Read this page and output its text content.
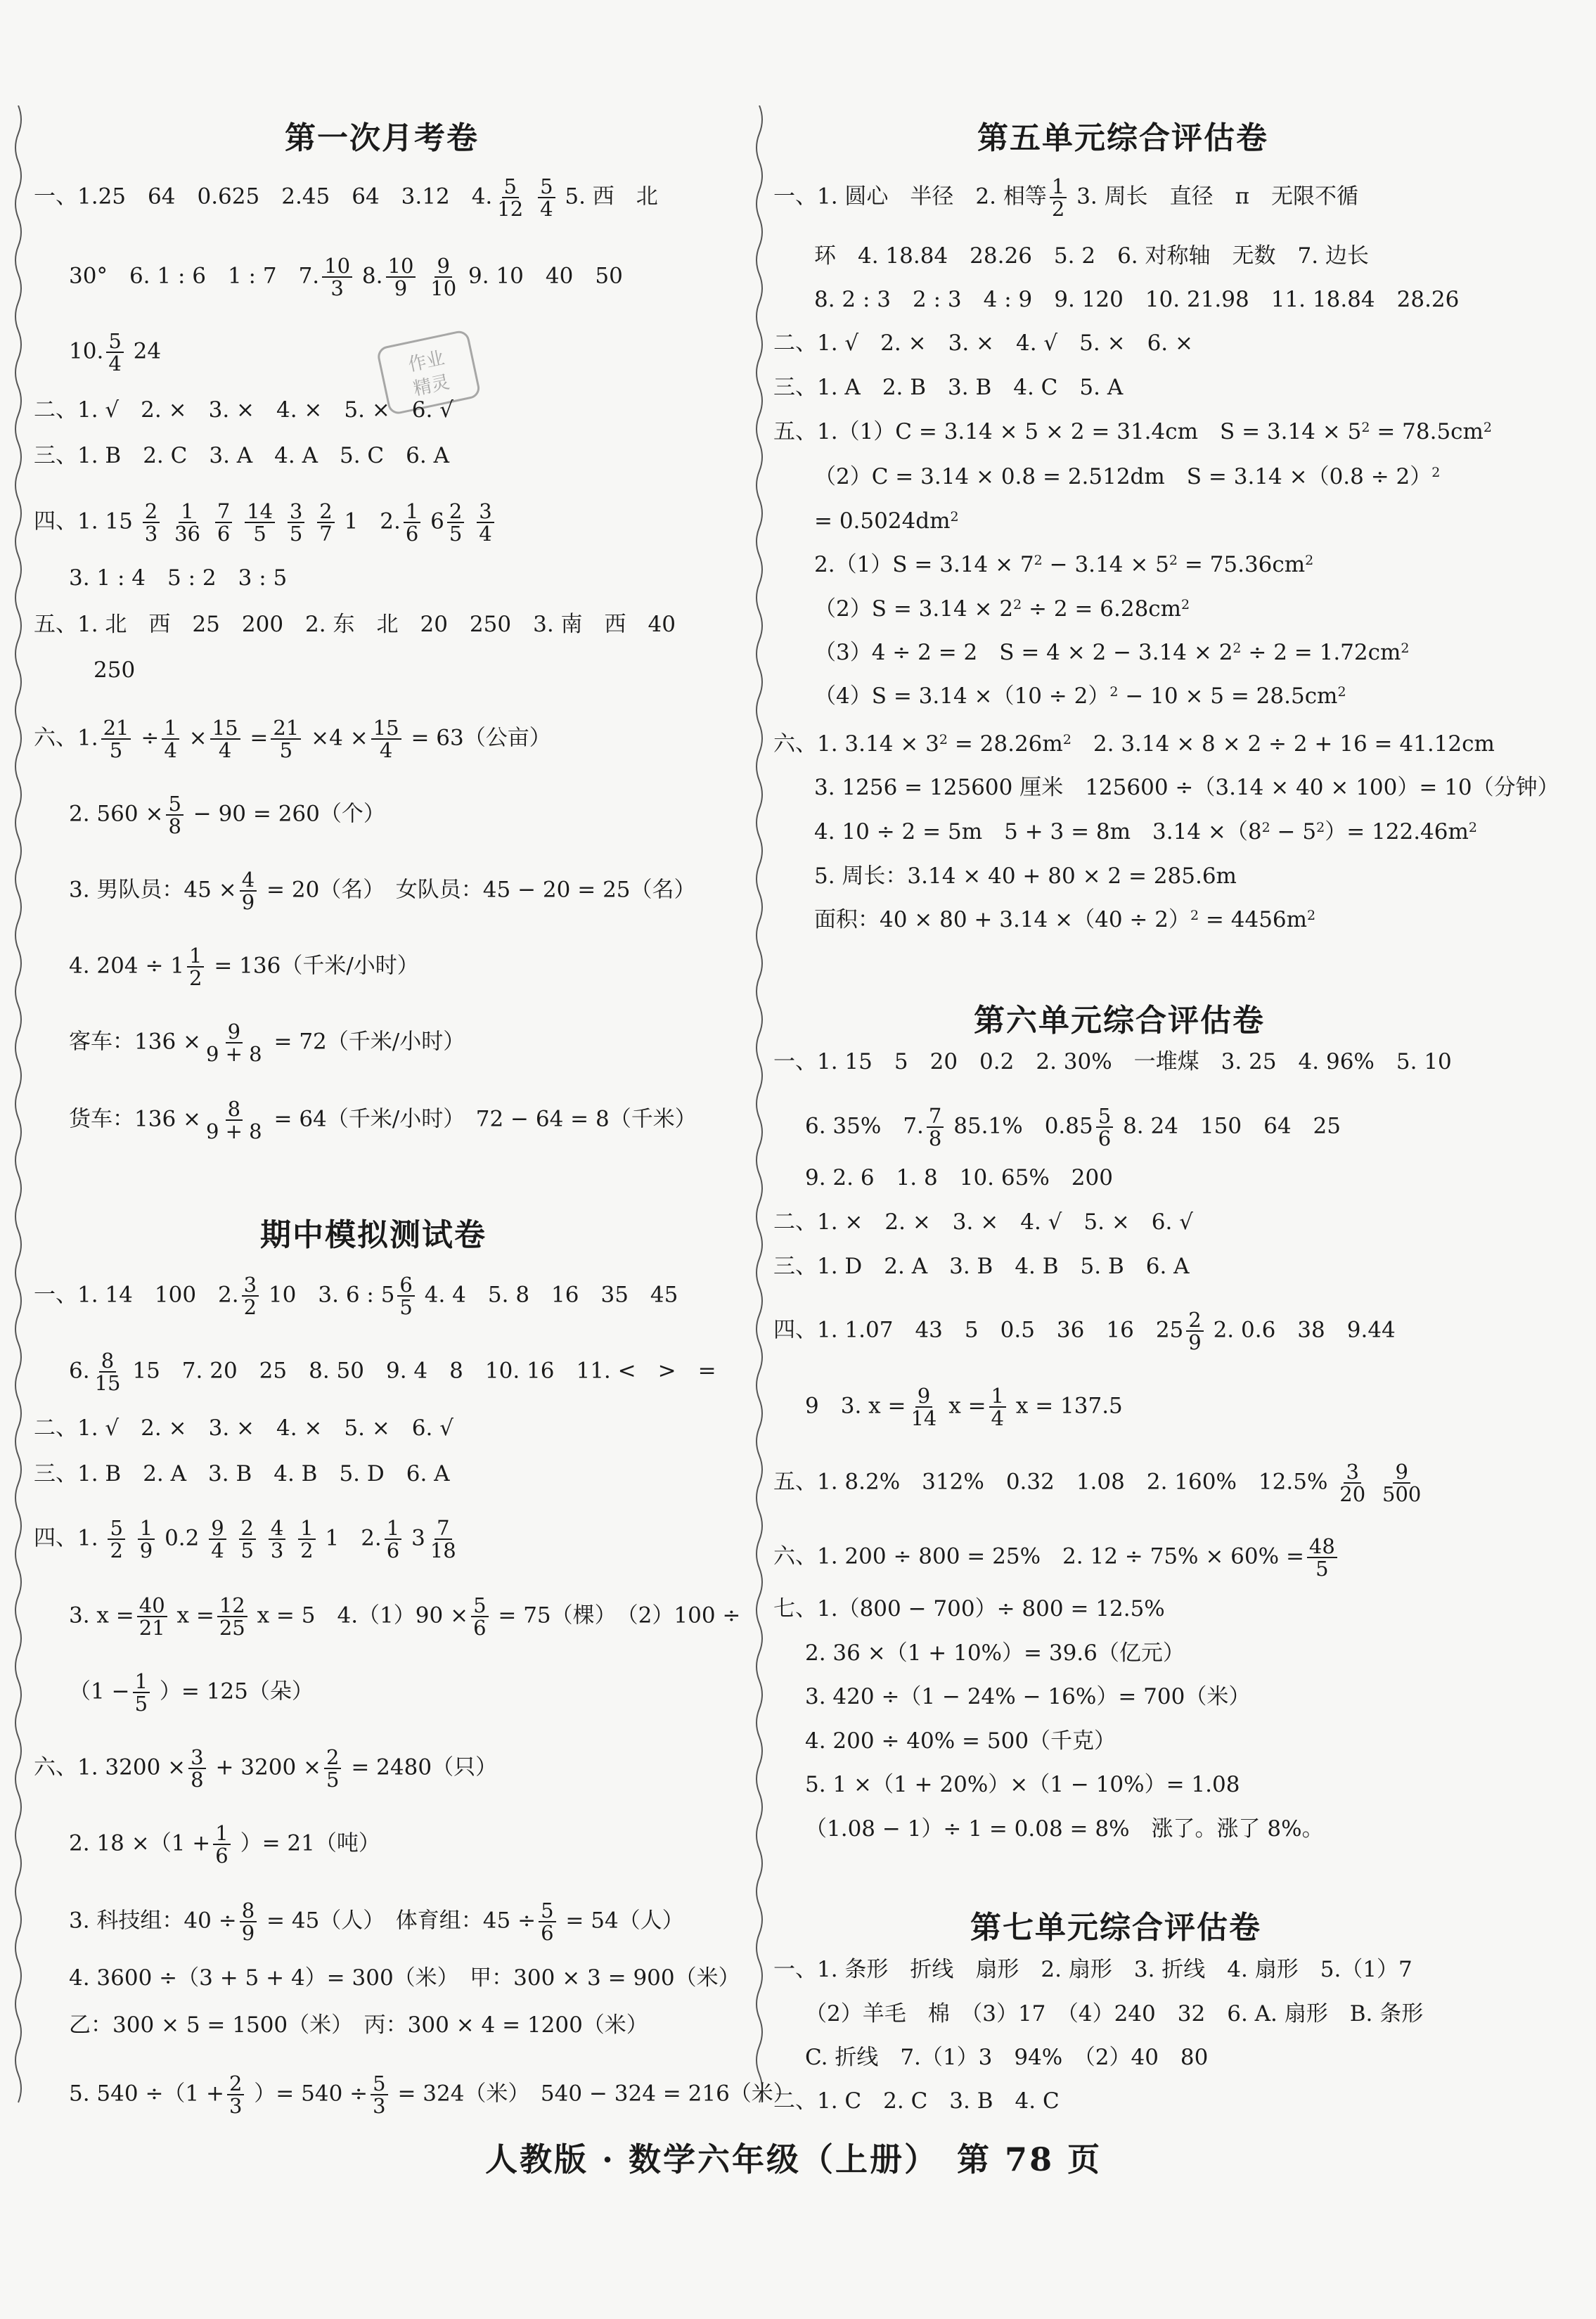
作业
精灵
第一次月考卷
一、1.25　64　0.625　2.45　64　3.12　4. $\frac{5}{12}$
$\frac{5}{4} 5$. 西　北
30°　6. 1 : 6　1 : 7　7. $\frac{10}{3} 8$. $\frac{10}{9}$
$\frac{9}{10} 9$. 10　40　50
10. $\frac{5}{4} 24$
二、1. √　2. ×　3. ×　4. ×　5. ×　6. √
三、1. B　2. C　3. A　4. A　5. C　6. A
四、1. $15 \frac{2}{3}$
$\frac{1}{36}$
$\frac{7}{6}$
$\frac{14}{5}$
$\frac{3}{5}$
$\frac{2}{7} 1$　2. $\frac{1}{6} 6 \frac{2}{5}$
$\frac{3}{4}$
3. 1 : 4　5 : 2　3 : 5
五、1. 北　西　25　200　2. 东　北　20　250　3. 南　西　40
250
六、1. $\frac{21}{5} \div \frac{1}{4} \times \frac{15}{4} = \frac{21}{5} \times 4 \times \frac{15}{4} = 63$（公亩）
2. $560 \times \frac{5}{8} - 90 = 260$（个）
3. 男队员：$45 \times \frac{4}{9} = 20$（名）　女队员：45 − 20 = 25（名）
4. $204 \div 1 \frac{1}{2} = 136$（千米/小时）
客车：$136 \times \frac{9}{9 + 8} = 72$（千米/小时）
货车：$136 \times \frac{8}{9 + 8} = 64$（千米/小时）　72 − 64 = 8（千米）
期中模拟测试卷
一、1. 14　100　2. $\frac{3}{2} 10$　3. 6 : $5 \frac{6}{5} 4$. 4　5. 8　16　35　45
6. $\frac{8}{15} 15$　7. 20　25　8. 50　9. 4　8　10. 16　11. <　>　=
二、1. √　2. ×　3. ×　4. ×　5. ×　6. √
三、1. B　2. A　3. B　4. B　5. D　6. A
四、1. $\frac{5}{2}$
$\frac{1}{9} 0.2 \frac{9}{4}$
$\frac{2}{5}$
$\frac{4}{3}$
$\frac{1}{2} 1$　2. $\frac{1}{6} 3 \frac{7}{18}$
3. $x = \frac{40}{21}$ $x = \frac{12}{25}$ x = 5　$4.(1)90 \times \frac{5}{6} = 75$（棵）　（2）100 ÷
（$1 - \frac{1}{5}$ ）= 125（朵）
六、1. $3200 \times \frac{3}{8} + 3200 \times \frac{2}{5} = 2480$（只）
2. $18 \times(1 + \frac{1}{6}$ ）= 21（吨）
3. 科技组：$40 \div \frac{8}{9} = 45$（人）　体育组：$45 \div \frac{5}{6} = 54$（人）
4. 3600 ÷（3 + 5 + 4）= 300（米）　甲：300 × 3 = 900（米）
乙：300 × 5 = 1500（米）　丙：300 × 4 = 1200（米）
5. $540 \div(1 + \frac{2}{3}$ ）= $540 \div \frac{5}{3} = 324$（米）　540 − 324 = 216（米）
第五单元综合评估卷
一、1. 圆心　半径　2. 相等 $\frac{1}{2} 3$. 周长　直径　π　无限不循
环　4. 18.84　28.26　5. 2　6. 对称轴　无数　7. 边长
8. 2 : 3　2 : 3　4 : 9　9. 120　10. 21.98　11. 18.84　28.26
二、1. √　2. ×　3. ×　4. √　5. ×　6. ×
三、1. A　2. B　3. B　4. C　5. A
五、1.（1）C = 3.14 × 5 × 2 = 31.4cm　$S = 3.14 \times 5^2 = 78.5cm^2$
（2）C = 3.14 × 0.8 = 2.512dm　$S = 3.14 \times(0.8 \div 2)^2$
= $0.5024dm^2$
$2.(1)S = 3.14 \times 7^2 - 3.14 \times 5^2 = 75.36cm^2$
$(2)S = 3.14 \times 2^2 \div 2 = 6.28cm^2$
（3）4 ÷ 2 = 2　$S = 4 \times 2 - 3.14 \times 2^2 \div 2 = 1.72cm^2$
$(4)S = 3.14 \times(10 \div 2)^2 - 10 \times 5 = 28.5cm^2$
六、1. $3.14 \times 3^2 = 28.26m^2$　 2. 3.14 × 8 × 2 ÷ 2 + 16 = 41.12cm
3. 1256 = 125600 厘米　125600 ÷（3.14 × 40 × 100）= 10（分钟）
4. 10 ÷ 2 = 5m　5 + 3 = 8m　$3.14 \times(8^2 - 5^2)= 122.46m^2$
5. 周长：3.14 × 40 + 80 × 2 = 285.6m
面积：$40 \times 80 + 3.14 \times(40 \div 2)^2 = 4456m^2$
第六单元综合评估卷
一、1. 15　5　20　0.2　2. 30%　一堆煤　3. 25　4. 96%　5. 10
6. 35%　7. $\frac{7}{8} 85.1\%$　$0.85 \frac{5}{6} 8$. 24　150　64　25
9. 2. 6　1. 8　10. 65%　200
二、1. ×　2. ×　3. ×　4. √　5. ×　6. √
三、1. D　2. A　3. B　4. B　5. B　6. A
四、1. 1.07　43　5　0.5　36　16　$25 \frac{2}{9} 2$. 0.6　38　9.44
9　3. $x = \frac{9}{14}$ $x = \frac{1}{4}$ x = 137.5
五、1. 8.2%　312%　0.32　1.08　2. 160%　$12.5\% \frac{3}{20}$
$\frac{9}{500}$
六、1. 200 ÷ 800 = 25%　2. $12 \div 75\% \times 60\% = \frac{48}{5}$
七、1.（800 − 700）÷ 800 = 12.5%
2. 36 ×（1 + 10%）= 39.6（亿元）
3. 420 ÷（1 − 24% − 16%）= 700（米）
4. 200 ÷ 40% = 500（千克）
5. 1 ×（1 + 20%）×（1 − 10%）= 1.08
（1.08 − 1）÷ 1 = 0.08 = 8%　涨了。涨了 8%。
第七单元综合评估卷
一、1. 条形　折线　扇形　2. 扇形　3. 折线　4. 扇形　5.（1）7
（2）羊毛　棉　（3）17　（4）240　32　6. A. 扇形　B. 条形
C. 折线　7.（1）3　94%　（2）40　80
二、1. C　2. C　3. B　4. C
人教版 · 数学六年级（上册）　第 78 页
